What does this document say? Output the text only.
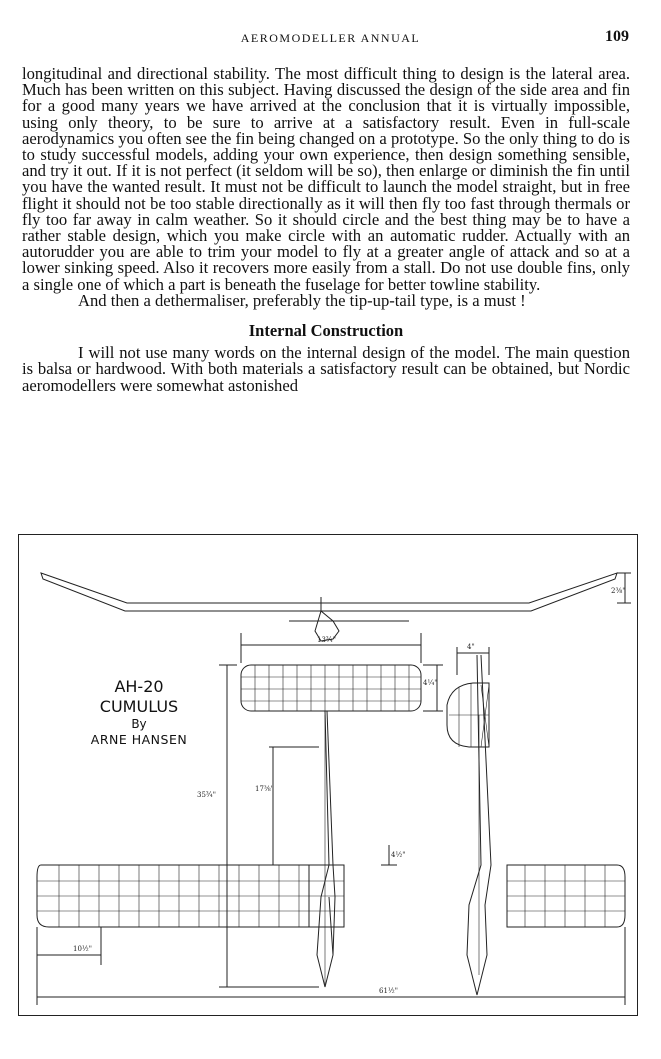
AEROMODELLER ANNUAL	109

longitudinal and directional stability. The most difficult thing to design is the lateral area. Much has been written on this subject. Having discussed the design of the side area and fin for a good many years we have arrived at the conclusion that it is virtually impossible, using only theory, to be sure to arrive at a satisfactory result. Even in full-scale aerodynamics you often see the fin being changed on a prototype. So the only thing to do is to study successful models, adding your own experience, then design something sensible, and try it out. If it is not perfect (it seldom will be so), then enlarge or diminish the fin until you have the wanted result. It must not be difficult to launch the model straight, but in free flight it should not be too stable directionally as it will then fly too fast through thermals or fly too far away in calm weather. So it should circle and the best thing may be to have a rather stable design, which you make circle with an automatic rudder. Actually with an autorudder you are able to trim your model to fly at a greater angle of attack and so at a lower sinking speed. Also it recovers more easily from a stall. Do not use double fins, only a single one of which a part is beneath the fuselage for better towline stability.

And then a dethermaliser, preferably the tip-up-tail type, is a must !

Internal Construction

I will not use many words on the internal design of the model. The main question is balsa or hardwood. With both materials a satisfactory result can be obtained, but Nordic aeromodellers were somewhat astonished

13¾"
4¼"
2⅜"
4"
35¾"
17⅜"
4½"
10½"
61½"
AH-20
CUMULUS
By
ARNE HANSEN
